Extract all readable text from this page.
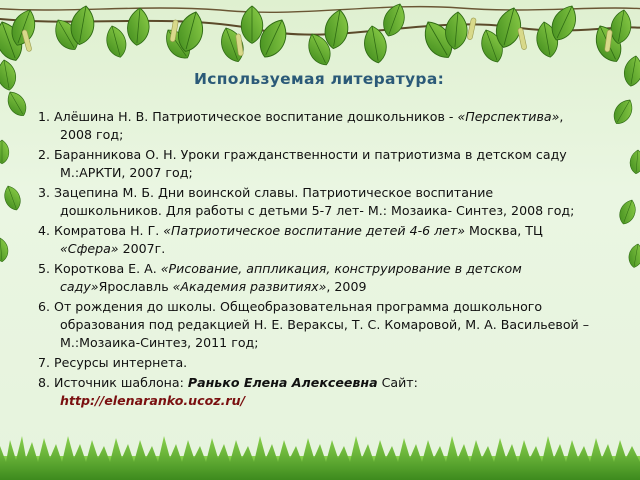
Используемая литература:
1. Алёшина Н. В. Патриотическое воспитание дошкольников - «Перспектива», 2008 год;
2. Баранникова О. Н. Уроки гражданственности и патриотизма в детском саду М.:АРКТИ, 2007 год;
3. Зацепина М. Б. Дни воинской славы. Патриотическое воспитание дошкольников. Для работы с детьми 5-7 лет- М.: Мозаика- Синтез, 2008 год;
4. Комратова Н. Г. «Патриотическое воспитание детей 4-6 лет» Москва, ТЦ «Сфера» 2007г.
5. Короткова Е. А. «Рисование, аппликация, конструирование в детском саду»Ярославль «Академия развитиях», 2009
6. От рождения до школы. Общеобразовательная программа дошкольного образования под редакцией Н. Е. Вераксы, Т. С. Комаровой, М. А. Васильевой – М.:Мозаика-Синтез, 2011 год;
7. Ресурсы интернета.
8. Источник шаблона: Ранько Елена Алексеевна Сайт: http://elenaranko.ucoz.ru/
